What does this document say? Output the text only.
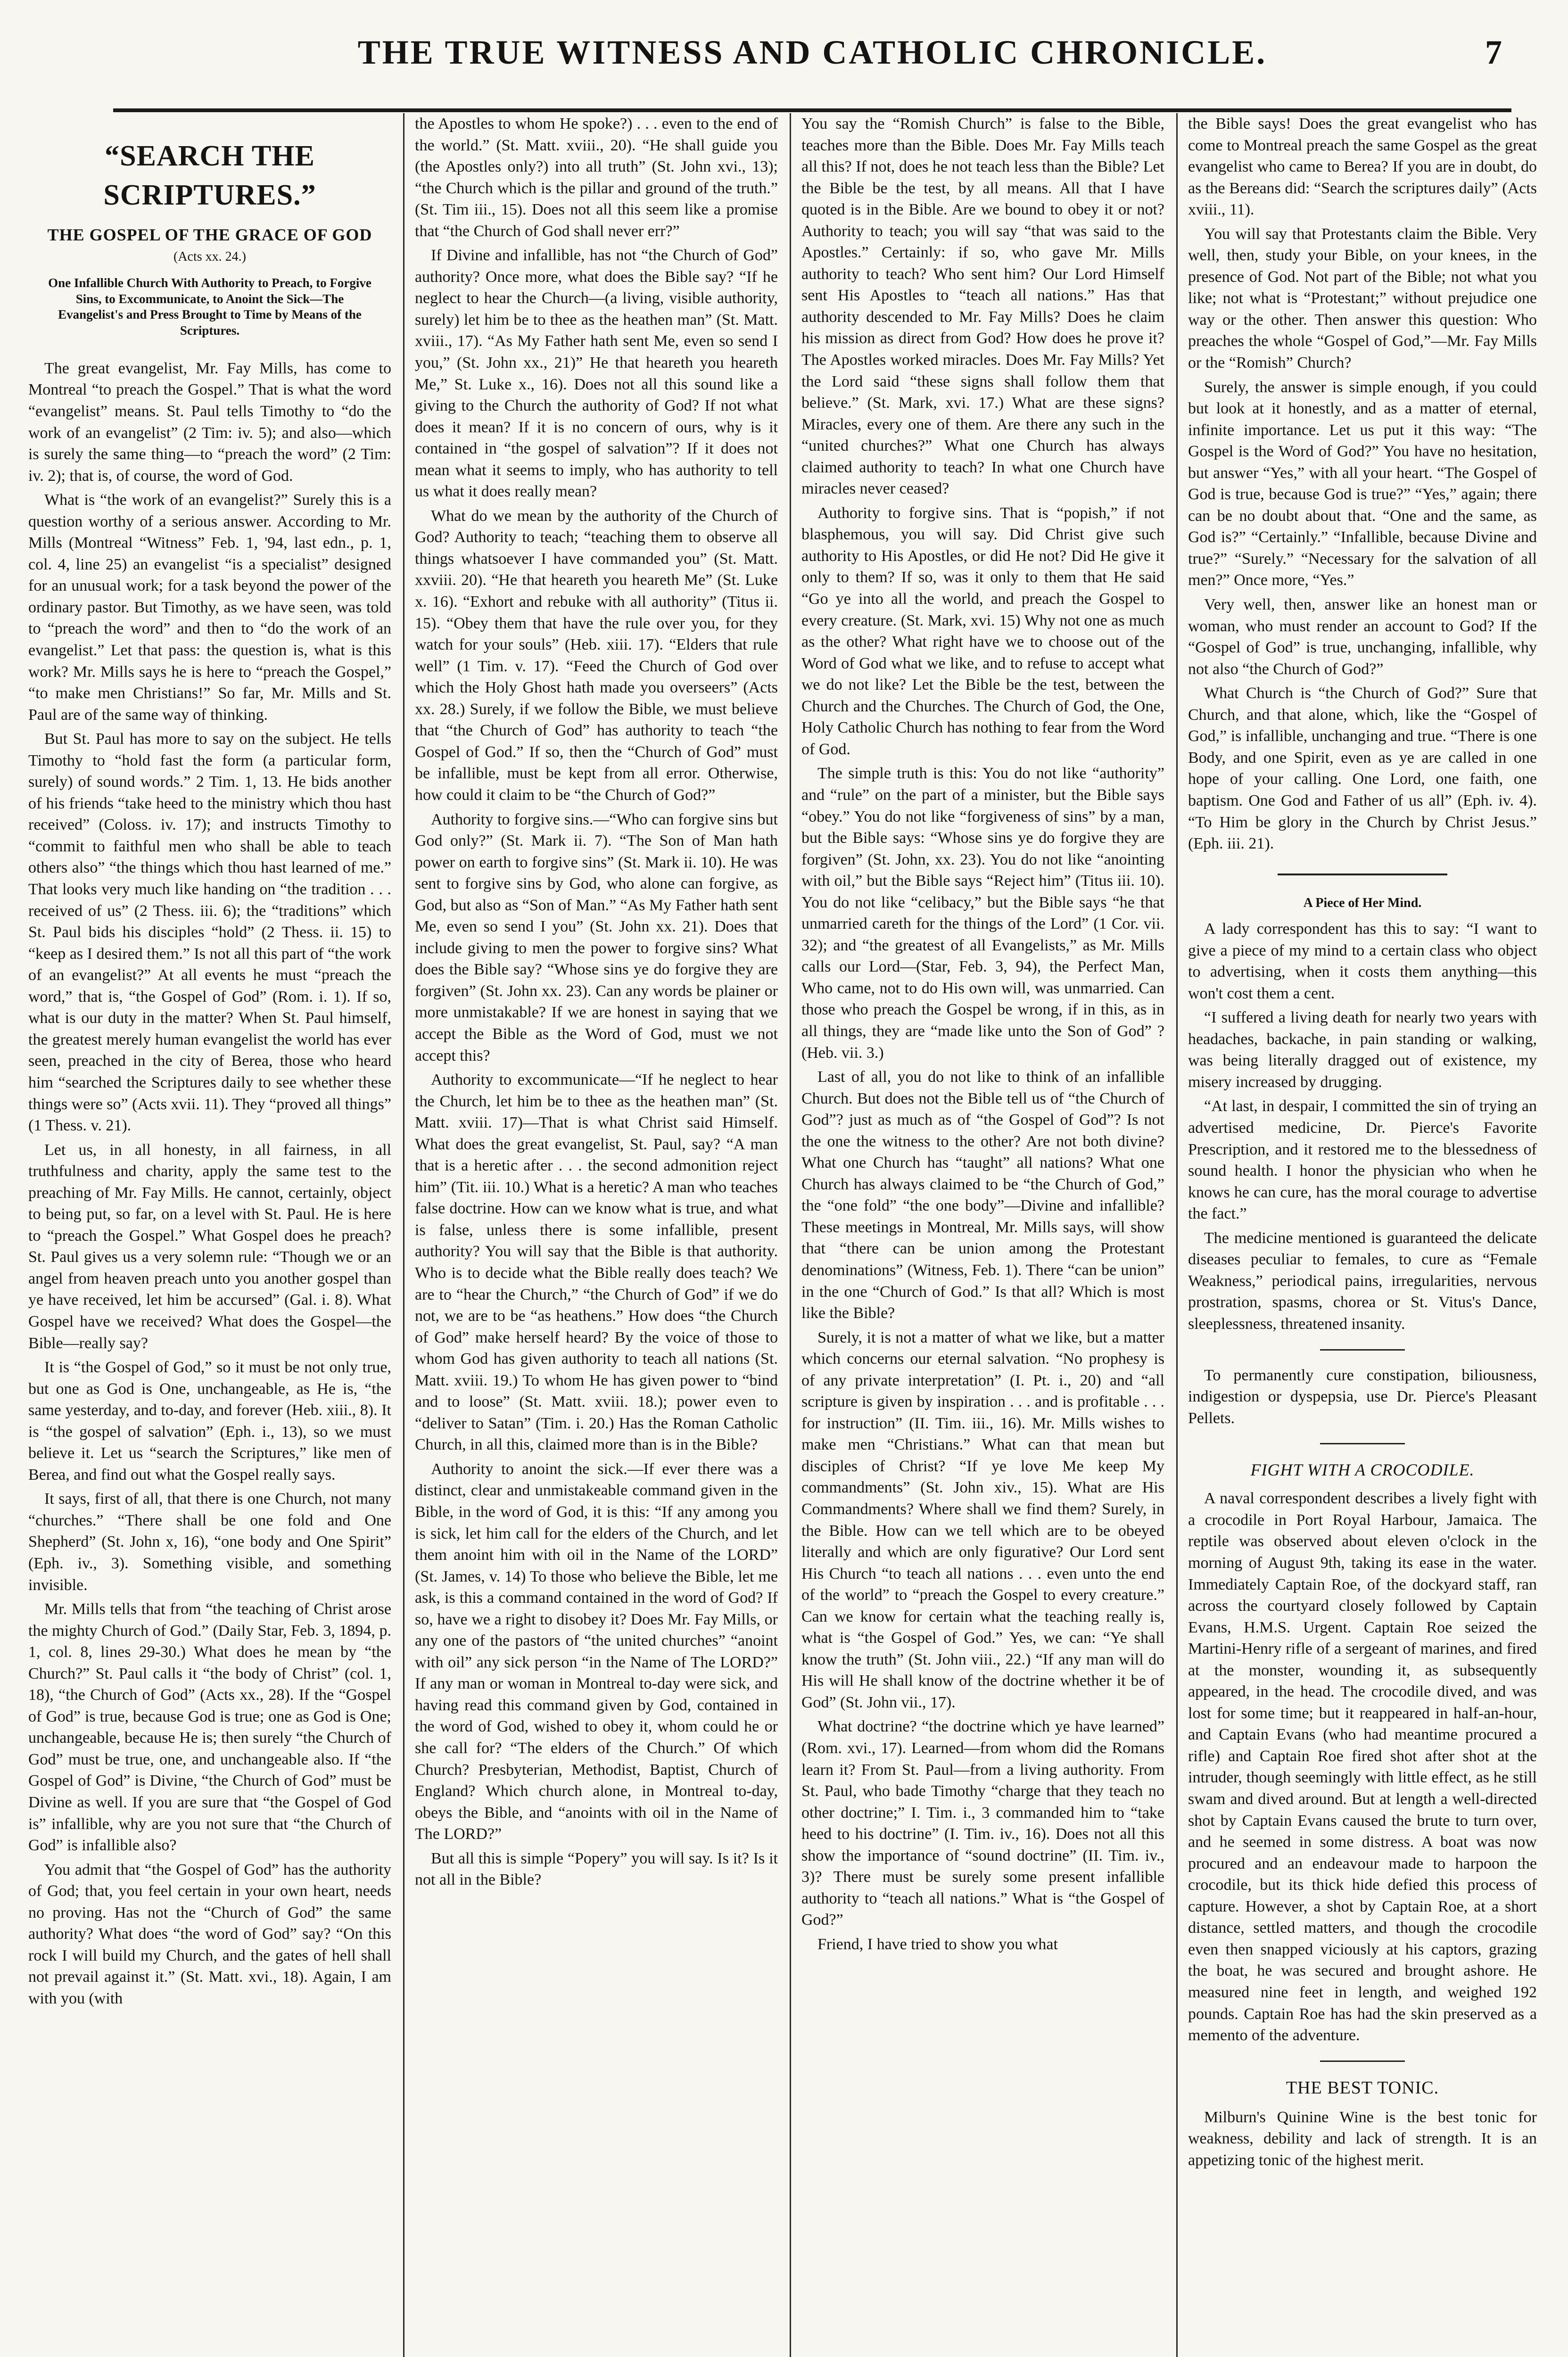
THE TRUE WITNESS AND CATHOLIC CHRONICLE.	7
“SEARCH THE SCRIPTURES.”
THE GOSPEL OF THE GRACE OF GOD
(Acts xx. 24.)
One Infallible Church With Authority to Preach, to Forgive Sins, to Excommunicate, to Anoint the Sick—The Evangelist's and Press Brought to Time by Means of the Scriptures.

The great evangelist, Mr. Fay Mills, has come to Montreal “to preach the Gospel.” That is what the word “evangelist” means. St. Paul tells Timothy to “do the work of an evangelist” (2 Tim: iv. 5); and also—which is surely the same thing—to “preach the word” (2 Tim: iv. 2); that is, of course, the word of God.

What is “the work of an evangelist?” Surely this is a question worthy of a serious answer. According to Mr. Mills (Montreal “Witness” Feb. 1, '94, last edn., p. 1, col. 4, line 25) an evangelist “is a specialist” designed for an unusual work; for a task beyond the power of the ordinary pastor. But Timothy, as we have seen, was told to “preach the word” and then to “do the work of an evangelist.” Let that pass: the question is, what is this work? Mr. Mills says he is here to “preach the Gospel,” “to make men Christians!” So far, Mr. Mills and St. Paul are of the same way of thinking.

But St. Paul has more to say on the subject. He tells Timothy to “hold fast the form (a particular form, surely) of sound words.” 2 Tim. 1, 13. He bids another of his friends “take heed to the ministry which thou hast received” (Coloss. iv. 17); and instructs Timothy to “commit to faithful men who shall be able to teach others also” “the things which thou hast learned of me.” That looks very much like handing on “the tradition . . . received of us” (2 Thess. iii. 6); the “traditions” which St. Paul bids his disciples “hold” (2 Thess. ii. 15) to “keep as I desired them.” Is not all this part of “the work of an evangelist?” At all events he must “preach the word,” that is, “the Gospel of God” (Rom. i. 1). If so, what is our duty in the matter? When St. Paul himself, the greatest merely human evangelist the world has ever seen, preached in the city of Berea, those who heard him “searched the Scriptures daily to see whether these things were so” (Acts xvii. 11). They “proved all things” (1 Thess. v. 21).

Let us, in all honesty, in all fairness, in all truthfulness and charity, apply the same test to the preaching of Mr. Fay Mills. He cannot, certainly, object to being put, so far, on a level with St. Paul. He is here to “preach the Gospel.” What Gospel does he preach? St. Paul gives us a very solemn rule: “Though we or an angel from heaven preach unto you another gospel than ye have received, let him be accursed” (Gal. i. 8). What Gospel have we received? What does the Gospel—the Bible—really say?

It is “the Gospel of God,” so it must be not only true, but one as God is One, unchangeable, as He is, “the same yesterday, and to-day, and forever (Heb. xiii., 8). It is “the gospel of salvation” (Eph. i., 13), so we must believe it. Let us “search the Scriptures,” like men of Berea, and find out what the Gospel really says.

It says, first of all, that there is one Church, not many “churches.” “There shall be one fold and One Shepherd” (St. John x, 16), “one body and One Spirit” (Eph. iv., 3). Something visible, and something invisible.

Mr. Mills tells that from “the teaching of Christ arose the mighty Church of God.” (Daily Star, Feb. 3, 1894, p. 1, col. 8, lines 29-30.) What does he mean by “the Church?” St. Paul calls it “the body of Christ” (col. 1, 18), “the Church of God” (Acts xx., 28). If the “Gospel of God” is true, because God is true; one as God is One; unchangeable, because He is; then surely “the Church of God” must be true, one, and unchangeable also. If “the Gospel of God” is Divine, “the Church of God” must be Divine as well. If you are sure that “the Gospel of God is” infallible, why are you not sure that “the Church of God” is infallible also?

You admit that “the Gospel of God” has the authority of God; that, you feel certain in your own heart, needs no proving. Has not the “Church of God” the same authority? What does “the word of God” say? “On this rock I will build my Church, and the gates of hell shall not prevail against it.” (St. Matt. xvi., 18). Again, I am with you (with

the Apostles to whom He spoke?) . . . even to the end of the world.” (St. Matt. xviii., 20). “He shall guide you (the Apostles only?) into all truth” (St. John xvi., 13); “the Church which is the pillar and ground of the truth.” (St. Tim iii., 15). Does not all this seem like a promise that “the Church of God shall never err?”

If Divine and infallible, has not “the Church of God” authority? Once more, what does the Bible say? “If he neglect to hear the Church—(a living, visible authority, surely) let him be to thee as the heathen man” (St. Matt. xviii., 17). “As My Father hath sent Me, even so send I you,” (St. John xx., 21)” He that heareth you heareth Me,” St. Luke x., 16). Does not all this sound like a giving to the Church the authority of God? If not what does it mean? If it is no concern of ours, why is it contained in “the gospel of salvation”? If it does not mean what it seems to imply, who has authority to tell us what it does really mean?

What do we mean by the authority of the Church of God? Authority to teach; “teaching them to observe all things whatsoever I have commanded you” (St. Matt. xxviii. 20). “He that heareth you heareth Me” (St. Luke x. 16). “Exhort and rebuke with all authority” (Titus ii. 15). “Obey them that have the rule over you, for they watch for your souls” (Heb. xiii. 17). “Elders that rule well” (1 Tim. v. 17). “Feed the Church of God over which the Holy Ghost hath made you overseers” (Acts xx. 28.) Surely, if we follow the Bible, we must believe that “the Church of God” has authority to teach “the Gospel of God.” If so, then the “Church of God” must be infallible, must be kept from all error. Otherwise, how could it claim to be “the Church of God?”

Authority to forgive sins.—“Who can forgive sins but God only?” (St. Mark ii. 7). “The Son of Man hath power on earth to forgive sins” (St. Mark ii. 10). He was sent to forgive sins by God, who alone can forgive, as God, but also as “Son of Man.” “As My Father hath sent Me, even so send I you” (St. John xx. 21). Does that include giving to men the power to forgive sins? What does the Bible say? “Whose sins ye do forgive they are forgiven” (St. John xx. 23). Can any words be plainer or more unmistakable? If we are honest in saying that we accept the Bible as the Word of God, must we not accept this?

Authority to excommunicate—“If he neglect to hear the Church, let him be to thee as the heathen man” (St. Matt. xviii. 17)—That is what Christ said Himself. What does the great evangelist, St. Paul, say? “A man that is a heretic after . . . the second admonition reject him” (Tit. iii. 10.) What is a heretic? A man who teaches false doctrine. How can we know what is true, and what is false, unless there is some infallible, present authority? You will say that the Bible is that authority. Who is to decide what the Bible really does teach? We are to “hear the Church,” “the Church of God” if we do not, we are to be “as heathens.” How does “the Church of God” make herself heard? By the voice of those to whom God has given authority to teach all nations (St. Matt. xviii. 19.) To whom He has given power to “bind and to loose” (St. Matt. xviii. 18.); power even to “deliver to Satan” (Tim. i. 20.) Has the Roman Catholic Church, in all this, claimed more than is in the Bible?

Authority to anoint the sick.—If ever there was a distinct, clear and unmistakeable command given in the Bible, in the word of God, it is this: “If any among you is sick, let him call for the elders of the Church, and let them anoint him with oil in the Name of the LORD” (St. James, v. 14) To those who believe the Bible, let me ask, is this a command contained in the word of God? If so, have we a right to disobey it? Does Mr. Fay Mills, or any one of the pastors of “the united churches” “anoint with oil” any sick person “in the Name of The LORD?” If any man or woman in Montreal to-day were sick, and having read this command given by God, contained in the word of God, wished to obey it, whom could he or she call for? “The elders of the Church.” Of which Church? Presbyterian, Methodist, Baptist, Church of England? Which church alone, in Montreal to-day, obeys the Bible, and “anoints with oil in the Name of The LORD?”

But all this is simple “Popery” you will say. Is it? Is it not all in the Bible?

You say the “Romish Church” is false to the Bible, teaches more than the Bible. Does Mr. Fay Mills teach all this? If not, does he not teach less than the Bible? Let the Bible be the test, by all means. All that I have quoted is in the Bible. Are we bound to obey it or not? Authority to teach; you will say “that was said to the Apostles.” Certainly: if so, who gave Mr. Mills authority to teach? Who sent him? Our Lord Himself sent His Apostles to “teach all nations.” Has that authority descended to Mr. Fay Mills? Does he claim his mission as direct from God? How does he prove it? The Apostles worked miracles. Does Mr. Fay Mills? Yet the Lord said “these signs shall follow them that believe.” (St. Mark, xvi. 17.) What are these signs? Miracles, every one of them. Are there any such in the “united churches?” What one Church has always claimed authority to teach? In what one Church have miracles never ceased?

Authority to forgive sins. That is “popish,” if not blasphemous, you will say. Did Christ give such authority to His Apostles, or did He not? Did He give it only to them? If so, was it only to them that He said “Go ye into all the world, and preach the Gospel to every creature. (St. Mark, xvi. 15) Why not one as much as the other? What right have we to choose out of the Word of God what we like, and to refuse to accept what we do not like? Let the Bible be the test, between the Church and the Churches. The Church of God, the One, Holy Catholic Church has nothing to fear from the Word of God.

The simple truth is this: You do not like “authority” and “rule” on the part of a minister, but the Bible says “obey.” You do not like “forgiveness of sins” by a man, but the Bible says: “Whose sins ye do forgive they are forgiven” (St. John, xx. 23). You do not like “anointing with oil,” but the Bible says “Reject him” (Titus iii. 10). You do not like “celibacy,” but the Bible says “he that unmarried careth for the things of the Lord” (1 Cor. vii. 32); and “the greatest of all Evangelists,” as Mr. Mills calls our Lord—(Star, Feb. 3, 94), the Perfect Man, Who came, not to do His own will, was unmarried. Can those who preach the Gospel be wrong, if in this, as in all things, they are “made like unto the Son of God” ? (Heb. vii. 3.)

Last of all, you do not like to think of an infallible Church. But does not the Bible tell us of “the Church of God”? just as much as of “the Gospel of God”? Is not the one the witness to the other? Are not both divine? What one Church has “taught” all nations? What one Church has always claimed to be “the Church of God,” the “one fold” “the one body”—Divine and infallible? These meetings in Montreal, Mr. Mills says, will show that “there can be union among the Protestant denominations” (Witness, Feb. 1). There “can be union” in the one “Church of God.” Is that all? Which is most like the Bible?

Surely, it is not a matter of what we like, but a matter which concerns our eternal salvation. “No prophesy is of any private interpretation” (I. Pt. i., 20) and “all scripture is given by inspiration . . . and is profitable . . . for instruction” (II. Tim. iii., 16). Mr. Mills wishes to make men “Christians.” What can that mean but disciples of Christ? “If ye love Me keep My commandments” (St. John xiv., 15). What are His Commandments? Where shall we find them? Surely, in the Bible. How can we tell which are to be obeyed literally and which are only figurative? Our Lord sent His Church “to teach all nations . . . even unto the end of the world” to “preach the Gospel to every creature.” Can we know for certain what the teaching really is, what is “the Gospel of God.” Yes, we can: “Ye shall know the truth” (St. John viii., 22.) “If any man will do His will He shall know of the doctrine whether it be of God” (St. John vii., 17).

What doctrine? “the doctrine which ye have learned” (Rom. xvi., 17). Learned—from whom did the Romans learn it? From St. Paul—from a living authority. From St. Paul, who bade Timothy “charge that they teach no other doctrine;” I. Tim. i., 3 commanded him to “take heed to his doctrine” (I. Tim. iv., 16). Does not all this show the importance of “sound doctrine” (II. Tim. iv., 3)? There must be surely some present infallible authority to “teach all nations.” What is “the Gospel of God?”

Friend, I have tried to show you what

the Bible says! Does the great evangelist who has come to Montreal preach the same Gospel as the great evangelist who came to Berea? If you are in doubt, do as the Bereans did: “Search the scriptures daily” (Acts xviii., 11).

You will say that Protestants claim the Bible. Very well, then, study your Bible, on your knees, in the presence of God. Not part of the Bible; not what you like; not what is “Protestant;” without prejudice one way or the other. Then answer this question: Who preaches the whole “Gospel of God,”—Mr. Fay Mills or the “Romish” Church?

Surely, the answer is simple enough, if you could but look at it honestly, and as a matter of eternal, infinite importance. Let us put it this way: “The Gospel is the Word of God?” You have no hesitation, but answer “Yes,” with all your heart. “The Gospel of God is true, because God is true?” “Yes,” again; there can be no doubt about that. “One and the same, as God is?” “Certainly.” “Infallible, because Divine and true?” “Surely.” “Necessary for the salvation of all men?” Once more, “Yes.”

Very well, then, answer like an honest man or woman, who must render an account to God? If the “Gospel of God” is true, unchanging, infallible, why not also “the Church of God?”

What Church is “the Church of God?” Sure that Church, and that alone, which, like the “Gospel of God,” is infallible, unchanging and true. “There is one Body, and one Spirit, even as ye are called in one hope of your calling. One Lord, one faith, one baptism. One God and Father of us all” (Eph. iv. 4). “To Him be glory in the Church by Christ Jesus.” (Eph. iii. 21).

A Piece of Her Mind.

A lady correspondent has this to say: “I want to give a piece of my mind to a certain class who object to advertising, when it costs them anything—this won't cost them a cent.

“I suffered a living death for nearly two years with headaches, backache, in pain standing or walking, was being literally dragged out of existence, my misery increased by drugging.

“At last, in despair, I committed the sin of trying an advertised medicine, Dr. Pierce's Favorite Prescription, and it restored me to the blessedness of sound health. I honor the physician who when he knows he can cure, has the moral courage to advertise the fact.”

The medicine mentioned is guaranteed the delicate diseases peculiar to females, to cure as “Female Weakness,” periodical pains, irregularities, nervous prostration, spasms, chorea or St. Vitus's Dance, sleeplessness, threatened insanity.

To permanently cure constipation, biliousness, indigestion or dyspepsia, use Dr. Pierce's Pleasant Pellets.

FIGHT WITH A CROCODILE.

A naval correspondent describes a lively fight with a crocodile in Port Royal Harbour, Jamaica. The reptile was observed about eleven o'clock in the morning of August 9th, taking its ease in the water. Immediately Captain Roe, of the dockyard staff, ran across the courtyard closely followed by Captain Evans, H.M.S. Urgent. Captain Roe seized the Martini-Henry rifle of a sergeant of marines, and fired at the monster, wounding it, as subsequently appeared, in the head. The crocodile dived, and was lost for some time; but it reappeared in half-an-hour, and Captain Evans (who had meantime procured a rifle) and Captain Roe fired shot after shot at the intruder, though seemingly with little effect, as he still swam and dived around. But at length a well-directed shot by Captain Evans caused the brute to turn over, and he seemed in some distress. A boat was now procured and an endeavour made to harpoon the crocodile, but its thick hide defied this process of capture. However, a shot by Captain Roe, at a short distance, settled matters, and though the crocodile even then snapped viciously at his captors, grazing the boat, he was secured and brought ashore. He measured nine feet in length, and weighed 192 pounds. Captain Roe has had the skin preserved as a memento of the adventure.

THE BEST TONIC.

Milburn's Quinine Wine is the best tonic for weakness, debility and lack of strength. It is an appetizing tonic of the highest merit.
